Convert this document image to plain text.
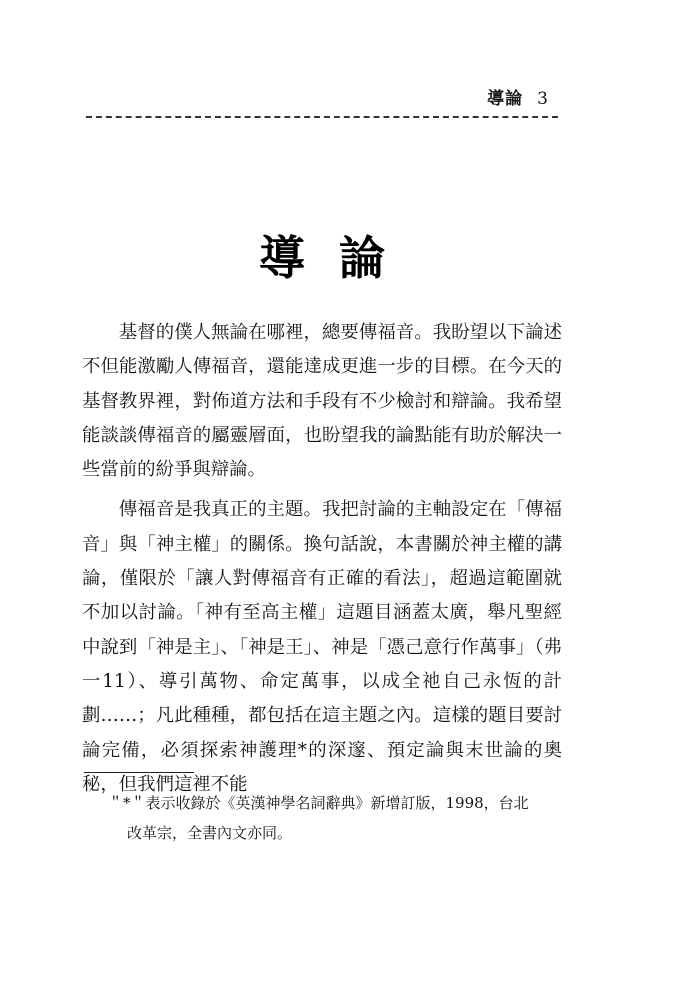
導論 3
導論

基督的僕人無論在哪裡，總要傳福音。我盼望以下論述不但能激勵人傳福音，還能達成更進一步的目標。在今天的基督教界裡，對佈道方法和手段有不少檢討和辯論。我希望能談談傳福音的屬靈層面，也盼望我的論點能有助於解決一些當前的紛爭與辯論。

傳福音是我真正的主題。我把討論的主軸設定在「傳福音」與「神主權」的關係。換句話說，本書關於神主權的講論，僅限於「讓人對傳福音有正確的看法」，超過這範圍就不加以討論。「神有至高主權」這題目涵蓋太廣，舉凡聖經中說到「神是主」、「神是王」、神是「憑己意行作萬事」（弗一11）、導引萬物、命定萬事，以成全祂自己永恆的計劃……；凡此種種，都包括在這主題之內。這樣的題目要討論完備，必須探索神護理*的深邃、預定論與末世論的奧秘，但我們這裡不能

＂*＂表示收錄於《英漢神學名詞辭典》新增訂版，1998，台北
改革宗，全書內文亦同。
